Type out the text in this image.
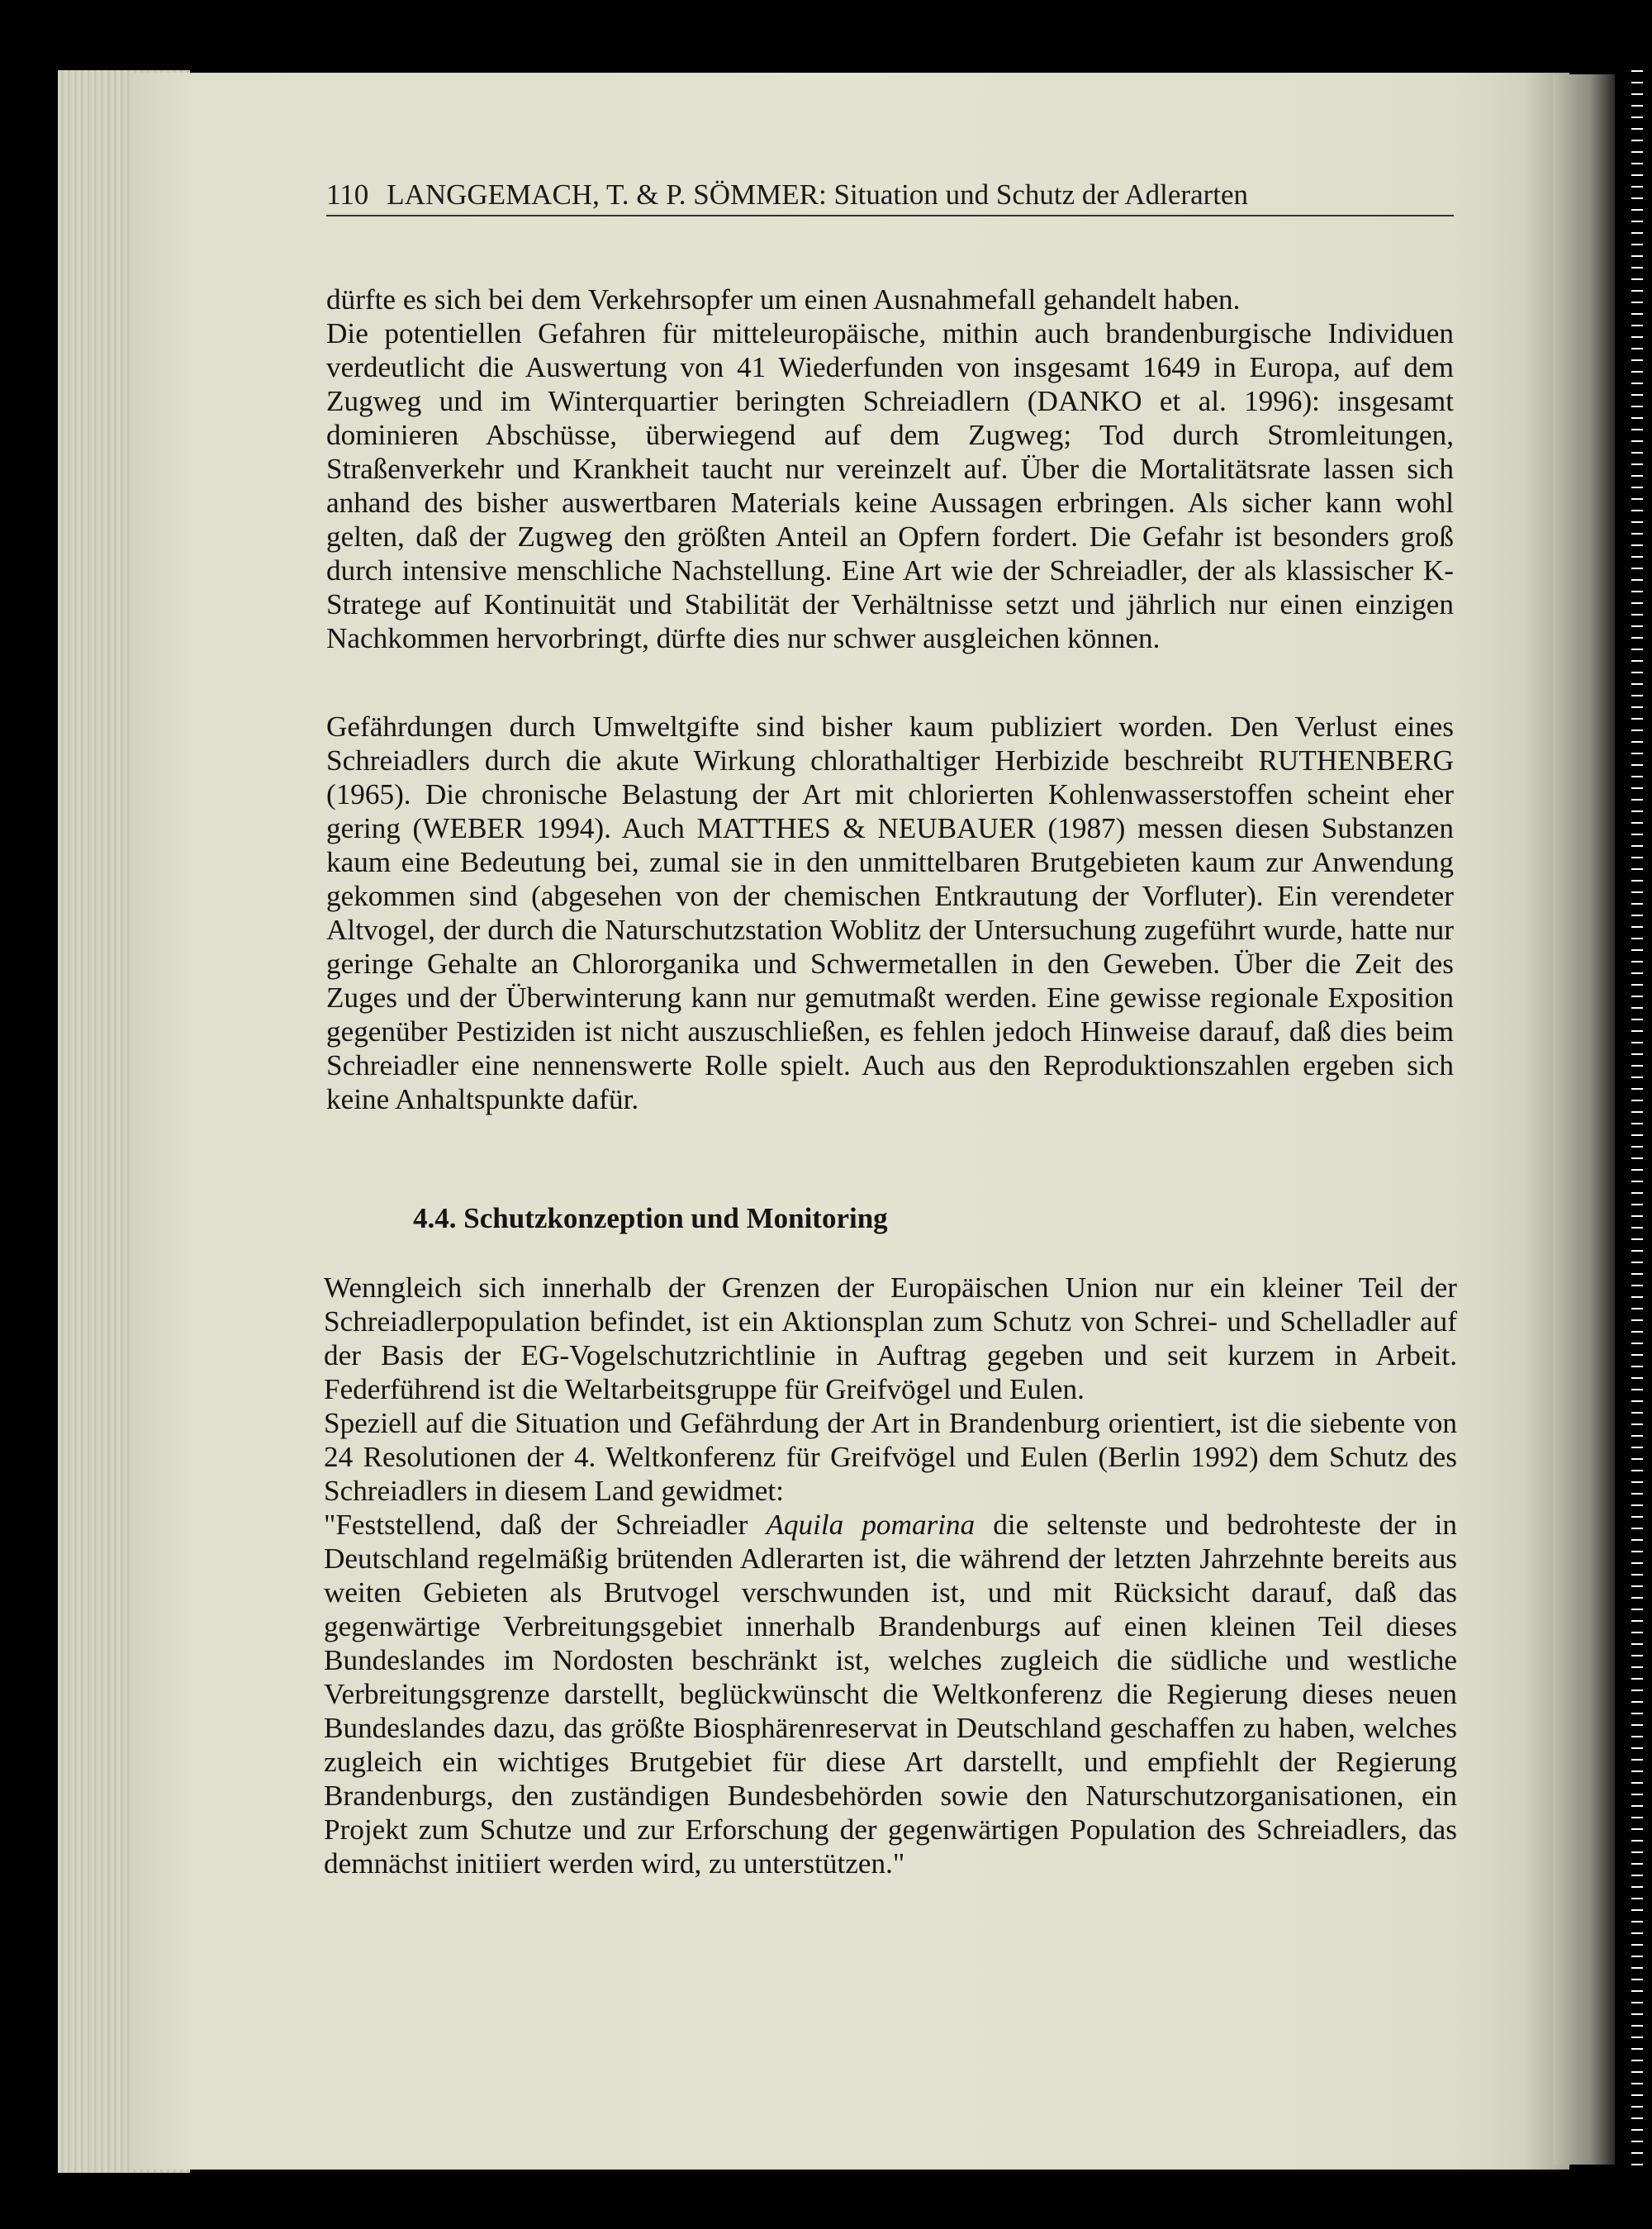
110 LANGGEMACH, T. & P. SÖMMER: Situation und Schutz der Adlerarten

dürfte es sich bei dem Verkehrsopfer um einen Ausnahmefall gehandelt haben.

Die potentiellen Gefahren für mitteleuropäische, mithin auch brandenburgische Individuen verdeutlicht die Auswertung von 41 Wiederfunden von insgesamt 1649 in Europa, auf dem Zugweg und im Winterquartier beringten Schreiadlern (DANKO et al. 1996): insgesamt dominieren Abschüsse, überwiegend auf dem Zugweg; Tod durch Stromleitungen, Straßenverkehr und Krankheit taucht nur vereinzelt auf. Über die Mortalitätsrate lassen sich anhand des bisher auswertbaren Materials keine Aussagen erbringen. Als sicher kann wohl gelten, daß der Zugweg den größten Anteil an Opfern fordert. Die Gefahr ist besonders groß durch intensive menschliche Nachstellung. Eine Art wie der Schreiadler, der als klassischer K-Stratege auf Kontinuität und Stabilität der Verhältnisse setzt und jährlich nur einen einzigen Nachkommen hervorbringt, dürfte dies nur schwer ausgleichen können.

Gefährdungen durch Umweltgifte sind bisher kaum publiziert worden. Den Verlust eines Schreiadlers durch die akute Wirkung chlorathaltiger Herbizide beschreibt RUTHENBERG (1965). Die chronische Belastung der Art mit chlorierten Kohlenwasserstoffen scheint eher gering (WEBER 1994). Auch MATTHES & NEUBAUER (1987) messen diesen Substanzen kaum eine Bedeutung bei, zumal sie in den unmittelbaren Brutgebieten kaum zur Anwendung gekommen sind (abgesehen von der chemischen Entkrautung der Vorfluter). Ein verendeter Altvogel, der durch die Naturschutzstation Woblitz der Untersuchung zugeführt wurde, hatte nur geringe Gehalte an Chlororganika und Schwermetallen in den Geweben. Über die Zeit des Zuges und der Überwinterung kann nur gemutmaßt werden. Eine gewisse regionale Exposition gegenüber Pestiziden ist nicht auszuschließen, es fehlen jedoch Hinweise darauf, daß dies beim Schreiadler eine nennenswerte Rolle spielt. Auch aus den Reproduktionszahlen ergeben sich keine Anhaltspunkte dafür.

4.4. Schutzkonzeption und Monitoring

Wenngleich sich innerhalb der Grenzen der Europäischen Union nur ein kleiner Teil der Schreiadlerpopulation befindet, ist ein Aktionsplan zum Schutz von Schrei- und Schelladler auf der Basis der EG-Vogelschutzrichtlinie in Auftrag gegeben und seit kurzem in Arbeit. Federführend ist die Weltarbeitsgruppe für Greifvögel und Eulen.

Speziell auf die Situation und Gefährdung der Art in Brandenburg orientiert, ist die siebente von 24 Resolutionen der 4. Weltkonferenz für Greifvögel und Eulen (Berlin 1992) dem Schutz des Schreiadlers in diesem Land gewidmet:

"Feststellend, daß der Schreiadler Aquila pomarina die seltenste und bedrohteste der in Deutschland regelmäßig brütenden Adlerarten ist, die während der letzten Jahrzehnte bereits aus weiten Gebieten als Brutvogel verschwunden ist, und mit Rücksicht darauf, daß das gegenwärtige Verbreitungsgebiet innerhalb Brandenburgs auf einen kleinen Teil dieses Bundeslandes im Nordosten beschränkt ist, welches zugleich die südliche und westliche Verbreitungsgrenze darstellt, beglückwünscht die Weltkonferenz die Regierung dieses neuen Bundeslandes dazu, das größte Biosphärenreservat in Deutschland geschaffen zu haben, welches zugleich ein wichtiges Brutgebiet für diese Art darstellt, und empfiehlt der Regierung Brandenburgs, den zuständigen Bundesbehörden sowie den Naturschutzorganisationen, ein Projekt zum Schutze und zur Erforschung der gegenwärtigen Population des Schreiadlers, das demnächst initiiert werden wird, zu unterstützen."
